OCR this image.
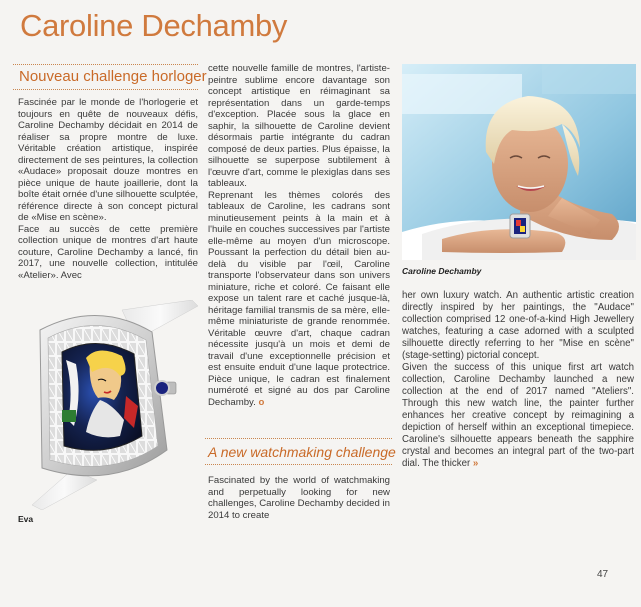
Caroline Dechamby
Nouveau challenge horloger

Fascinée par le monde de l'horlogerie et toujours en quête de nouveaux défis, Caroline Dechamby décidait en 2014 de réaliser sa propre montre de luxe. Véritable création artistique, inspirée directement de ses peintures, la collection «Audace» proposait douze montres en pièce unique de haute joaillerie, dont la boîte était ornée d'une silhouette sculptée, référence directe à son concept pictural de «Mise en scène».

Face au succès de cette première collection unique de montres d'art haute couture, Caroline Dechamby a lancé, fin 2017, une nouvelle collection, intitulée «Atelier». Avec

Eva

cette nouvelle famille de montres, l'artiste-peintre sublime encore davantage son concept artistique en réimaginant sa représentation dans un garde-temps d'exception. Placée sous la glace en saphir, la silhouette de Caroline devient désormais partie intégrante du cadran composé de deux parties. Plus épaisse, la silhouette se superpose subtilement à l'œuvre d'art, comme le plexiglas dans ses tableaux.

Reprenant les thèmes colorés des tableaux de Caroline, les cadrans sont minutieusement peints à la main et à l'huile en couches successives par l'artiste elle-même au moyen d'un microscope. Poussant la perfection du détail bien au-delà du visible par l'œil, Caroline transporte l'observateur dans son univers miniature, riche et coloré. Ce faisant elle expose un talent rare et caché jusque-là, héritage familial transmis de sa mère, elle-même miniaturiste de grande renommée. Véritable œuvre d'art, chaque cadran nécessite jusqu'à un mois et demi de travail d'une exceptionnelle précision et est ensuite enduit d'une laque protectrice. Pièce unique, le cadran est finalement numéroté et signé au dos par Caroline Dechamby. o

A new watchmaking challenge

Fascinated by the world of watchmaking and perpetually looking for new challenges, Caroline Dechamby decided in 2014 to create

Caroline Dechamby

her own luxury watch. An authentic artistic creation directly inspired by her paintings, the "Audace" collection comprised 12 one-of-a-kind High Jewellery watches, featuring a case adorned with a sculpted silhouette directly referring to her "Mise en scène" (stage-setting) pictorial concept.

Given the success of this unique first art watch collection, Caroline Dechamby launched a new collection at the end of 2017 named "Ateliers". Through this new watch line, the painter further enhances her creative concept by reimagining a depiction of herself within an exceptional timepiece. Caroline's silhouette appears beneath the sapphire crystal and becomes an integral part of the two-part dial. The thicker »

47
